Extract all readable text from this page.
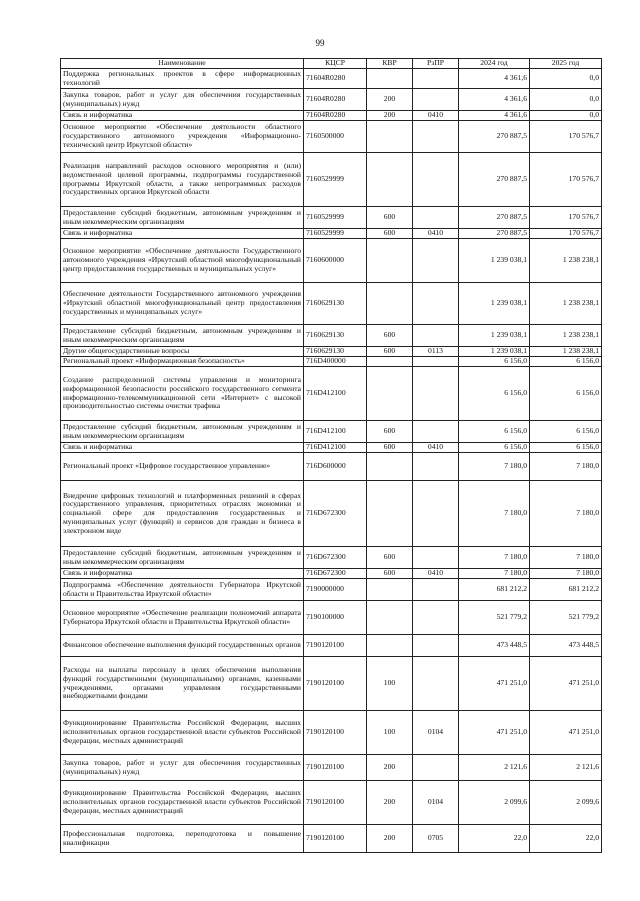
99
Наименование	КЦСР	КВР	РзПР	2024 год	2025 год
Поддержка региональных проектов в сфере информационных технологий	71604R0280			4 361,6	0,0
Закупка товаров, работ и услуг для обеспечения государственных (муниципальных) нужд	71604R0280	200		4 361,6	0,0
Связь и информатика	71604R0280	200	0410	4 361,6	0,0
Основное мероприятие «Обеспечение деятельности областного государственного автономного учреждения «Информационно-технический центр Иркутской области»	7160500000			270 887,5	170 576,7
Реализация направлений расходов основного мероприятия и (или) ведомственной целевой программы, подпрограммы государственной программы Иркутской области, а также непрограммных расходов государственных органов Иркутской области	7160529999			270 887,5	170 576,7
Предоставление субсидий бюджетным, автономным учреждениям и иным некоммерческим организациям	7160529999	600		270 887,5	170 576,7
Связь и информатика	7160529999	600	0410	270 887,5	170 576,7
Основное мероприятие «Обеспечение деятельности Государственного автономного учреждения «Иркутский областной многофункциональный центр предоставления государственных и муниципальных услуг»	7160600000			1 239 038,1	1 238 238,1
Обеспечение деятельности Государственного автономного учреждения «Иркутский областной многофункциональный центр предоставления государственных и муниципальных услуг»	7160629130			1 239 038,1	1 238 238,1
Предоставление субсидий бюджетным, автономным учреждениям и иным некоммерческим организациям	7160629130	600		1 239 038,1	1 238 238,1
Другие общегосударственные вопросы	7160629130	600	0113	1 239 038,1	1 238 238,1
Региональный проект «Информационная безопасность»	716D400000			6 156,0	6 156,0
Создание распределенной системы управления и мониторинга информационной безопасности российского государственного сегмента информационно-телекоммуникационной сети «Интернет» с высокой производительностью системы очистки трафика	716D412100			6 156,0	6 156,0
Предоставление субсидий бюджетным, автономным учреждениям и иным некоммерческим организациям	716D412100	600		6 156,0	6 156,0
Связь и информатика	716D412100	600	0410	6 156,0	6 156,0
Региональный проект «Цифровое государственное управление»	716D600000			7 180,0	7 180,0
Внедрение цифровых технологий и платформенных решений в сферах государственного управления, приоритетных отраслях экономики и социальной сфере для предоставления государственных и муниципальных услуг (функций) и сервисов для граждан и бизнеса в электронном виде	716D672300			7 180,0	7 180,0
Предоставление субсидий бюджетным, автономным учреждениям и иным некоммерческим организациям	716D672300	600		7 180,0	7 180,0
Связь и информатика	716D672300	600	0410	7 180,0	7 180,0
Подпрограмма «Обеспечение деятельности Губернатора Иркутской области и Правительства Иркутской области»	7190000000			681 212,2	681 212,2
Основное мероприятие «Обеспечение реализации полномочий аппарата Губернатора Иркутской области и Правительства Иркутской области»	7190100000			521 779,2	521 779,2
Финансовое обеспечение выполнения функций государственных органов	7190120100			473 448,5	473 448,5
Расходы на выплаты персоналу в целях обеспечения выполнения функций государственными (муниципальными) органами, казенными учреждениями, органами управления государственными внебюджетными фондами	7190120100	100		471 251,0	471 251,0
Функционирование Правительства Российской Федерации, высших исполнительных органов государственной власти субъектов Российской Федерации, местных администраций	7190120100	100	0104	471 251,0	471 251,0
Закупка товаров, работ и услуг для обеспечения государственных (муниципальных) нужд	7190120100	200		2 121,6	2 121,6
Функционирование Правительства Российской Федерации, высших исполнительных органов государственной власти субъектов Российской Федерации, местных администраций	7190120100	200	0104	2 099,6	2 099,6
Профессиональная подготовка, переподготовка и повышение квалификации	7190120100	200	0705	22,0	22,0
